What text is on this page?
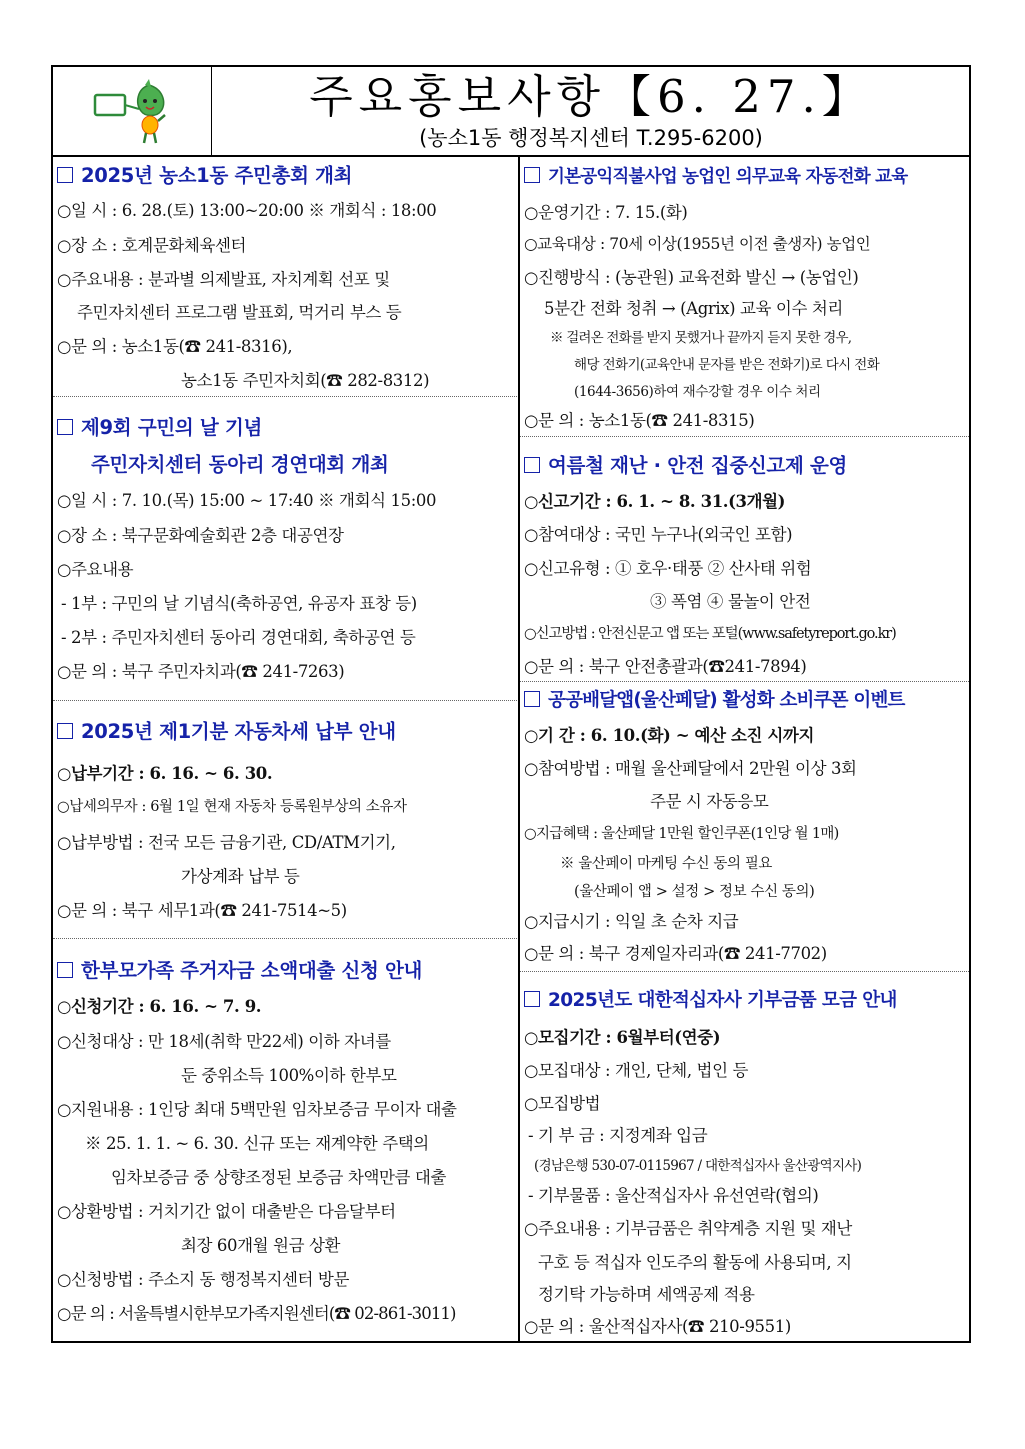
주요홍보사항【6. 27.】
(농소1동 행정복지센터 T.295-6200)
2025년 농소1동 주민총회 개최
○일 시 : 6. 28.(토) 13:00~20:00 ※ 개회식 : 18:00
○장 소 : 호계문화체육센터
○주요내용 : 분과별 의제발표, 자치계획 선포 및
주민자치센터 프로그램 발표회, 먹거리 부스 등
○문 의 : 농소1동(☎ 241-8316),
농소1동 주민자치회(☎ 282-8312)
제9회 구민의 날 기념
주민자치센터 동아리 경연대회 개최
○일 시 : 7. 10.(목) 15:00 ~ 17:40 ※ 개회식 15:00
○장 소 : 북구문화예술회관 2층 대공연장
○주요내용
- 1부 : 구민의 날 기념식(축하공연, 유공자 표창 등)
- 2부 : 주민자치센터 동아리 경연대회, 축하공연 등
○문 의 : 북구 주민자치과(☎ 241-7263)
2025년 제1기분 자동차세 납부 안내
○납부기간 : 6. 16. ~ 6. 30.
○납세의무자 : 6월 1일 현재 자동차 등록원부상의 소유자
○납부방법 : 전국 모든 금융기관, CD/ATM기기,
가상계좌 납부 등
○문 의 : 북구 세무1과(☎ 241-7514~5)
한부모가족 주거자금 소액대출 신청 안내
○신청기간 : 6. 16. ~ 7. 9.
○신청대상 : 만 18세(취학 만22세) 이하 자녀를
둔 중위소득 100%이하 한부모
○지원내용 : 1인당 최대 5백만원 임차보증금 무이자 대출
※ 25. 1. 1. ~ 6. 30. 신규 또는 재계약한 주택의
임차보증금 중 상향조정된 보증금 차액만큼 대출
○상환방법 : 거치기간 없이 대출받은 다음달부터
최장 60개월 원금 상환
○신청방법 : 주소지 동 행정복지센터 방문
○문 의 : 서울특별시한부모가족지원센터(☎ 02-861-3011)
기본공익직불사업 농업인 의무교육 자동전화 교육
○운영기간 : 7. 15.(화)
○교육대상 : 70세 이상(1955년 이전 출생자) 농업인
○진행방식 : (농관원) 교육전화 발신 → (농업인)
5분간 전화 청취 → (Agrix) 교육 이수 처리
※ 걸려온 전화를 받지 못했거나 끝까지 듣지 못한 경우,
해당 전화기(교육안내 문자를 받은 전화기)로 다시 전화
(1644-3656)하여 재수강할 경우 이수 처리
○문 의 : 농소1동(☎ 241-8315)
여름철 재난 · 안전 집중신고제 운영
○신고기간 : 6. 1. ~ 8. 31.(3개월)
○참여대상 : 국민 누구나(외국인 포함)
○신고유형 : ① 호우·태풍 ② 산사태 위험
③ 폭염 ④ 물놀이 안전
○신고방법 : 안전신문고 앱 또는 포털(www.safetyreport.go.kr)
○문 의 : 북구 안전총괄과(☎241-7894)
공공배달앱(울산페달) 활성화 소비쿠폰 이벤트
○기 간 : 6. 10.(화) ~ 예산 소진 시까지
○참여방법 : 매월 울산페달에서 2만원 이상 3회
주문 시 자동응모
○지급혜택 : 울산페달 1만원 할인쿠폰(1인당 월 1매)
※ 울산페이 마케팅 수신 동의 필요
(울산페이 앱 > 설정 > 정보 수신 동의)
○지급시기 : 익일 초 순차 지급
○문 의 : 북구 경제일자리과(☎ 241-7702)
2025년도 대한적십자사 기부금품 모금 안내
○모집기간 : 6월부터(연중)
○모집대상 : 개인, 단체, 법인 등
○모집방법
- 기 부 금 : 지정계좌 입금
(경남은행 530-07-0115967 / 대한적십자사 울산광역지사)
- 기부물품 : 울산적십자사 유선연락(협의)
○주요내용 : 기부금품은 취약계층 지원 및 재난
구호 등 적십자 인도주의 활동에 사용되며, 지
정기탁 가능하며 세액공제 적용
○문 의 : 울산적십자사(☎ 210-9551)
